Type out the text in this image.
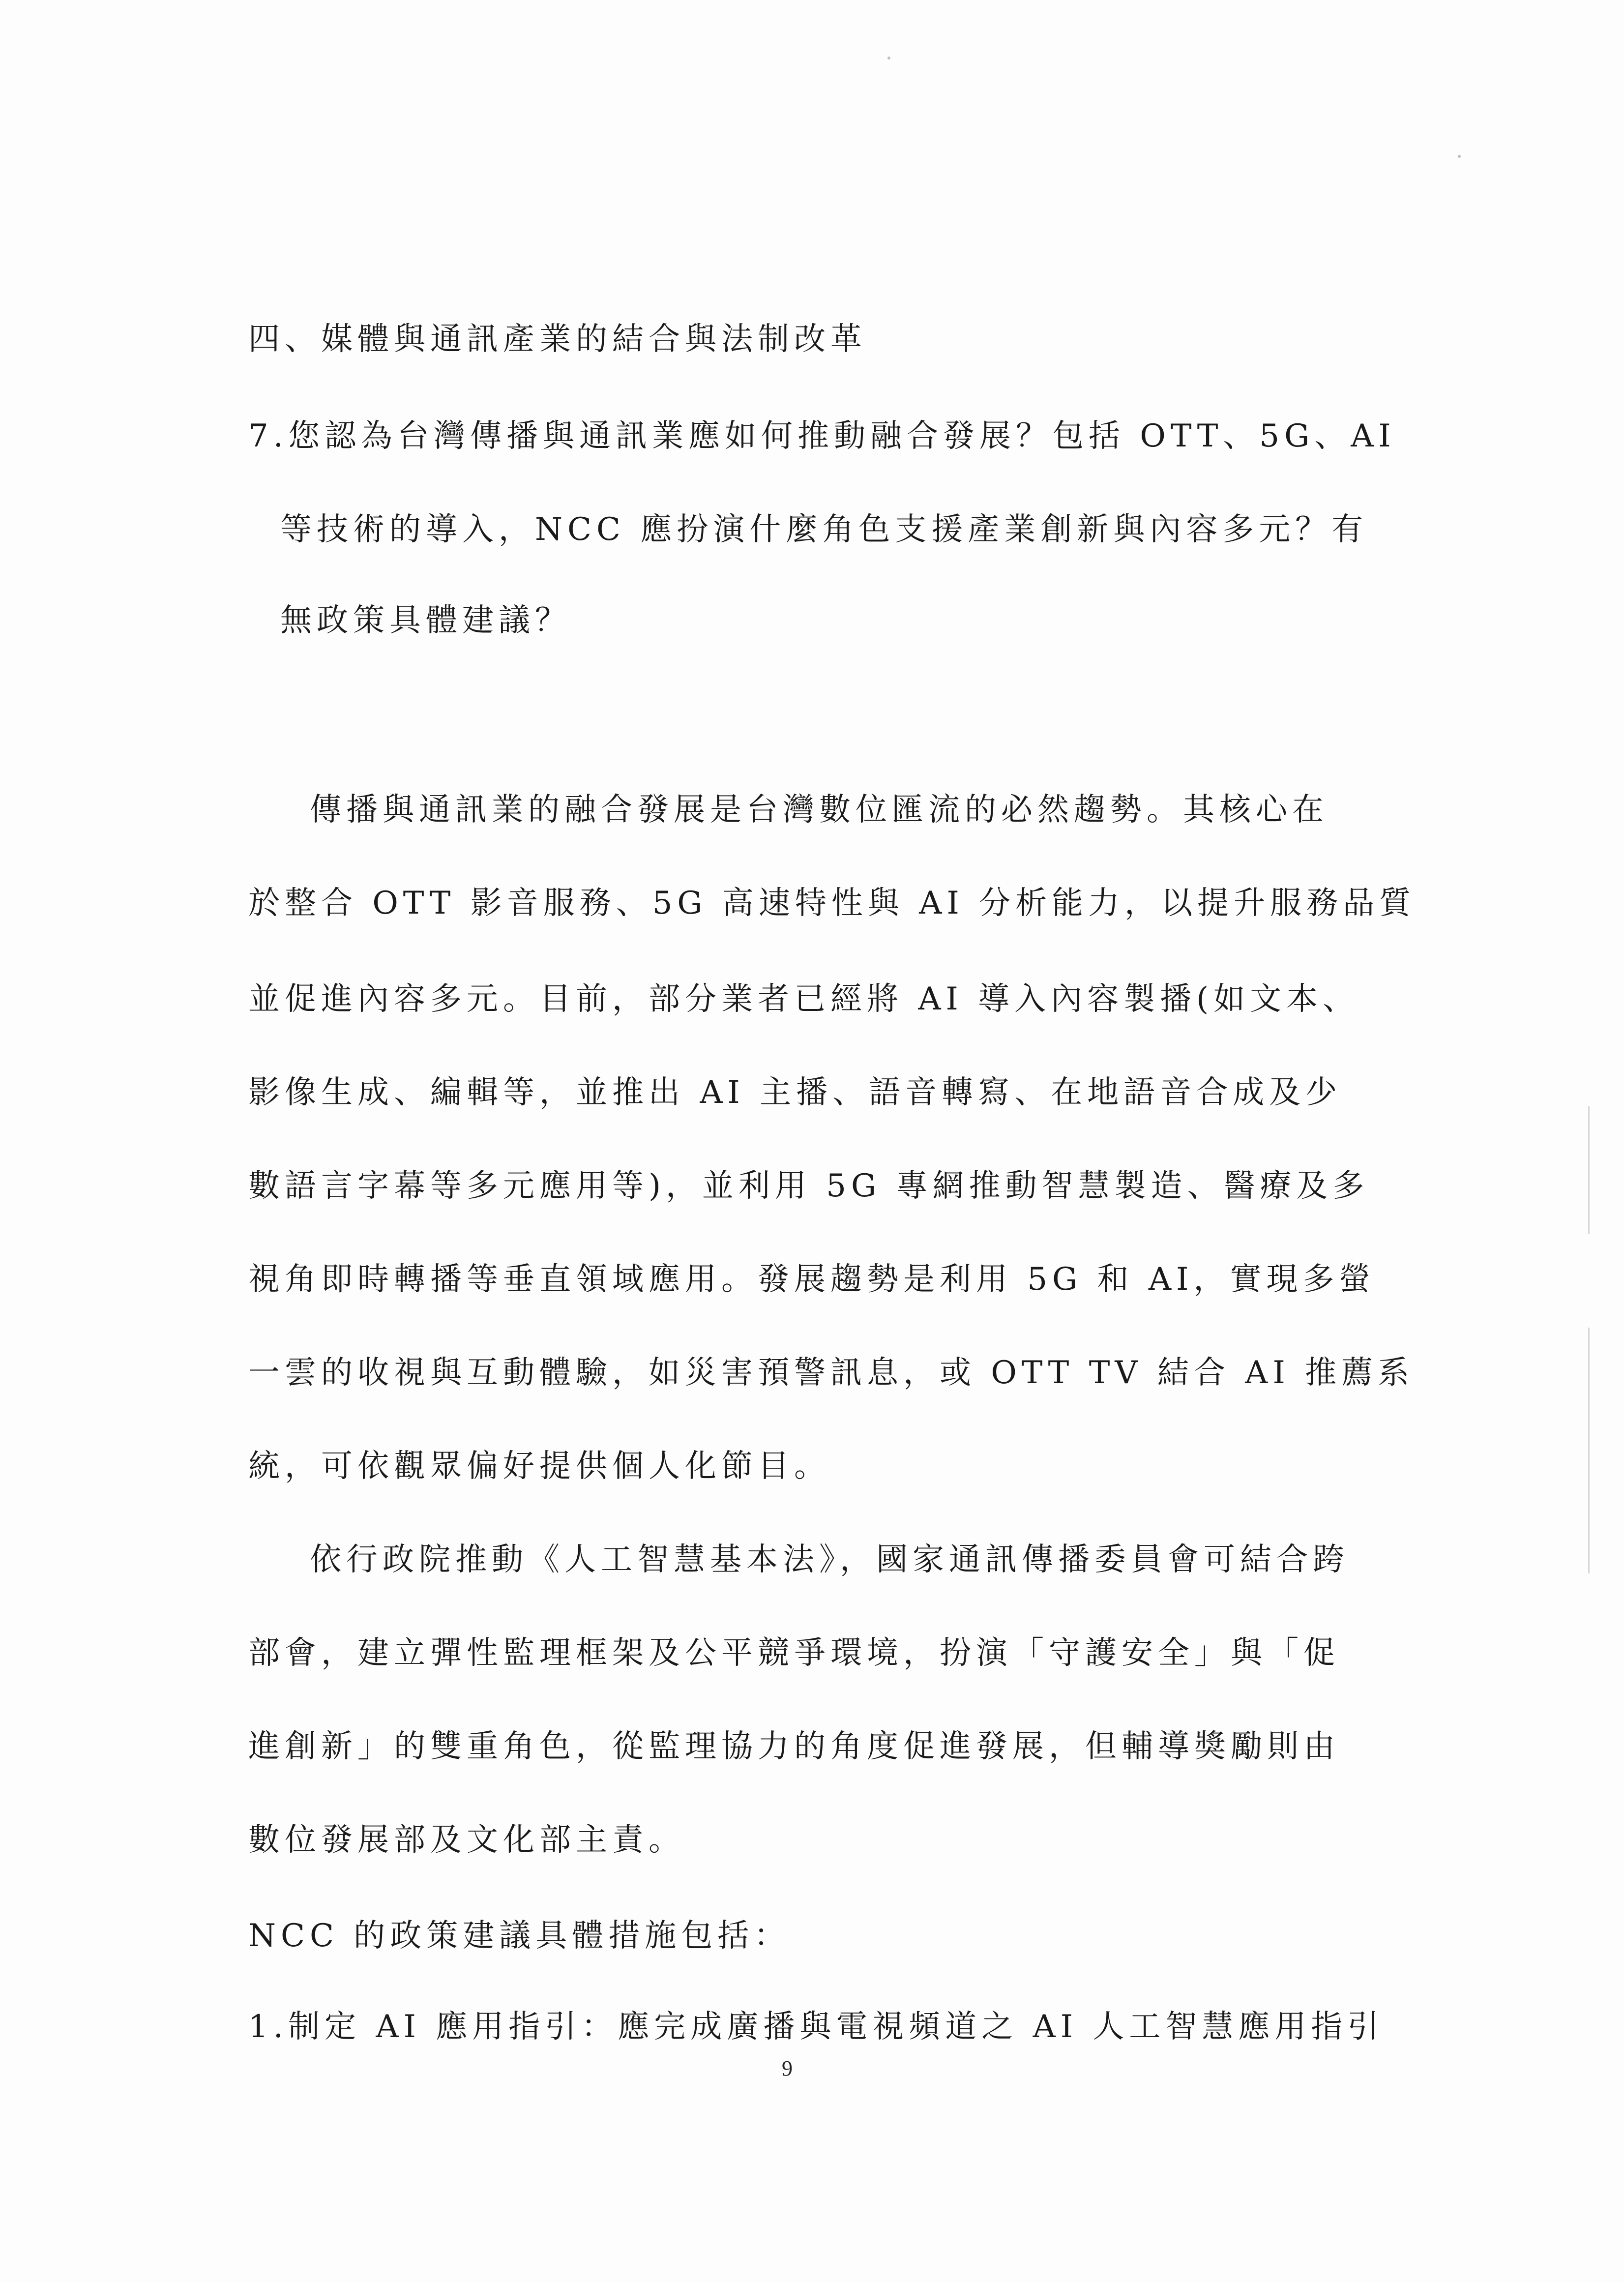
四、媒體與通訊產業的結合與法制改革
7.您認為台灣傳播與通訊業應如何推動融合發展？包括 OTT、5G、AI
等技術的導入，NCC 應扮演什麼角色支援產業創新與內容多元？有
無政策具體建議？
傳播與通訊業的融合發展是台灣數位匯流的必然趨勢。其核心在
於整合 OTT 影音服務、5G 高速特性與 AI 分析能力，以提升服務品質
並促進內容多元。目前，部分業者已經將 AI 導入內容製播(如文本、
影像生成、編輯等，並推出 AI 主播、語音轉寫、在地語音合成及少
數語言字幕等多元應用等)，並利用 5G 專網推動智慧製造、醫療及多
視角即時轉播等垂直領域應用。發展趨勢是利用 5G 和 AI，實現多螢
一雲的收視與互動體驗，如災害預警訊息，或 OTT TV 結合 AI 推薦系
統，可依觀眾偏好提供個人化節目。
依行政院推動《人工智慧基本法》，國家通訊傳播委員會可結合跨
部會，建立彈性監理框架及公平競爭環境，扮演「守護安全」與「促
進創新」的雙重角色，從監理協力的角度促進發展，但輔導獎勵則由
數位發展部及文化部主責。
NCC 的政策建議具體措施包括：
1.制定 AI 應用指引：應完成廣播與電視頻道之 AI 人工智慧應用指引
9
